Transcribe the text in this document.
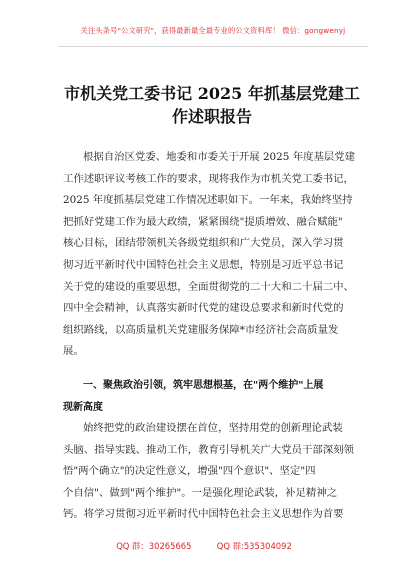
关注头条号"公文研究"，获得最新最全最专业的公文资料库！ 微信：gongwenyj
市机关党工委书记 2025 年抓基层党建工
作述职报告
根据自治区党委、地委和市委关于开展 2025 年度基层党建
工作述职评议考核工作的要求，现将我作为市机关党工委书记，
2025 年度抓基层党建工作情况述职如下。一年来，我始终坚持
把抓好党建工作为最大政绩，紧紧围绕"提质增效、融合赋能"
核心目标，团结带领机关各级党组织和广大党员，深入学习贯
彻习近平新时代中国特色社会主义思想，特别是习近平总书记
关于党的建设的重要思想，全面贯彻党的二十大和二十届二中、
四中全会精神，认真落实新时代党的建设总要求和新时代党的
组织路线，以高质量机关党建服务保障*市经济社会高质量发
展。
一、聚焦政治引领，筑牢思想根基，在"两个维护"上展
现新高度
始终把党的政治建设摆在首位，坚持用党的创新理论武装
头脑、指导实践、推动工作，教育引导机关广大党员干部深刻领
悟"两个确立"的决定性意义，增强"四个意识"、坚定"四
个自信"、做到"两个维护"。一是强化理论武装，补足精神之
钙。将学习贯彻习近平新时代中国特色社会主义思想作为首要
QQ 群：30265665	QQ 群:535304092
